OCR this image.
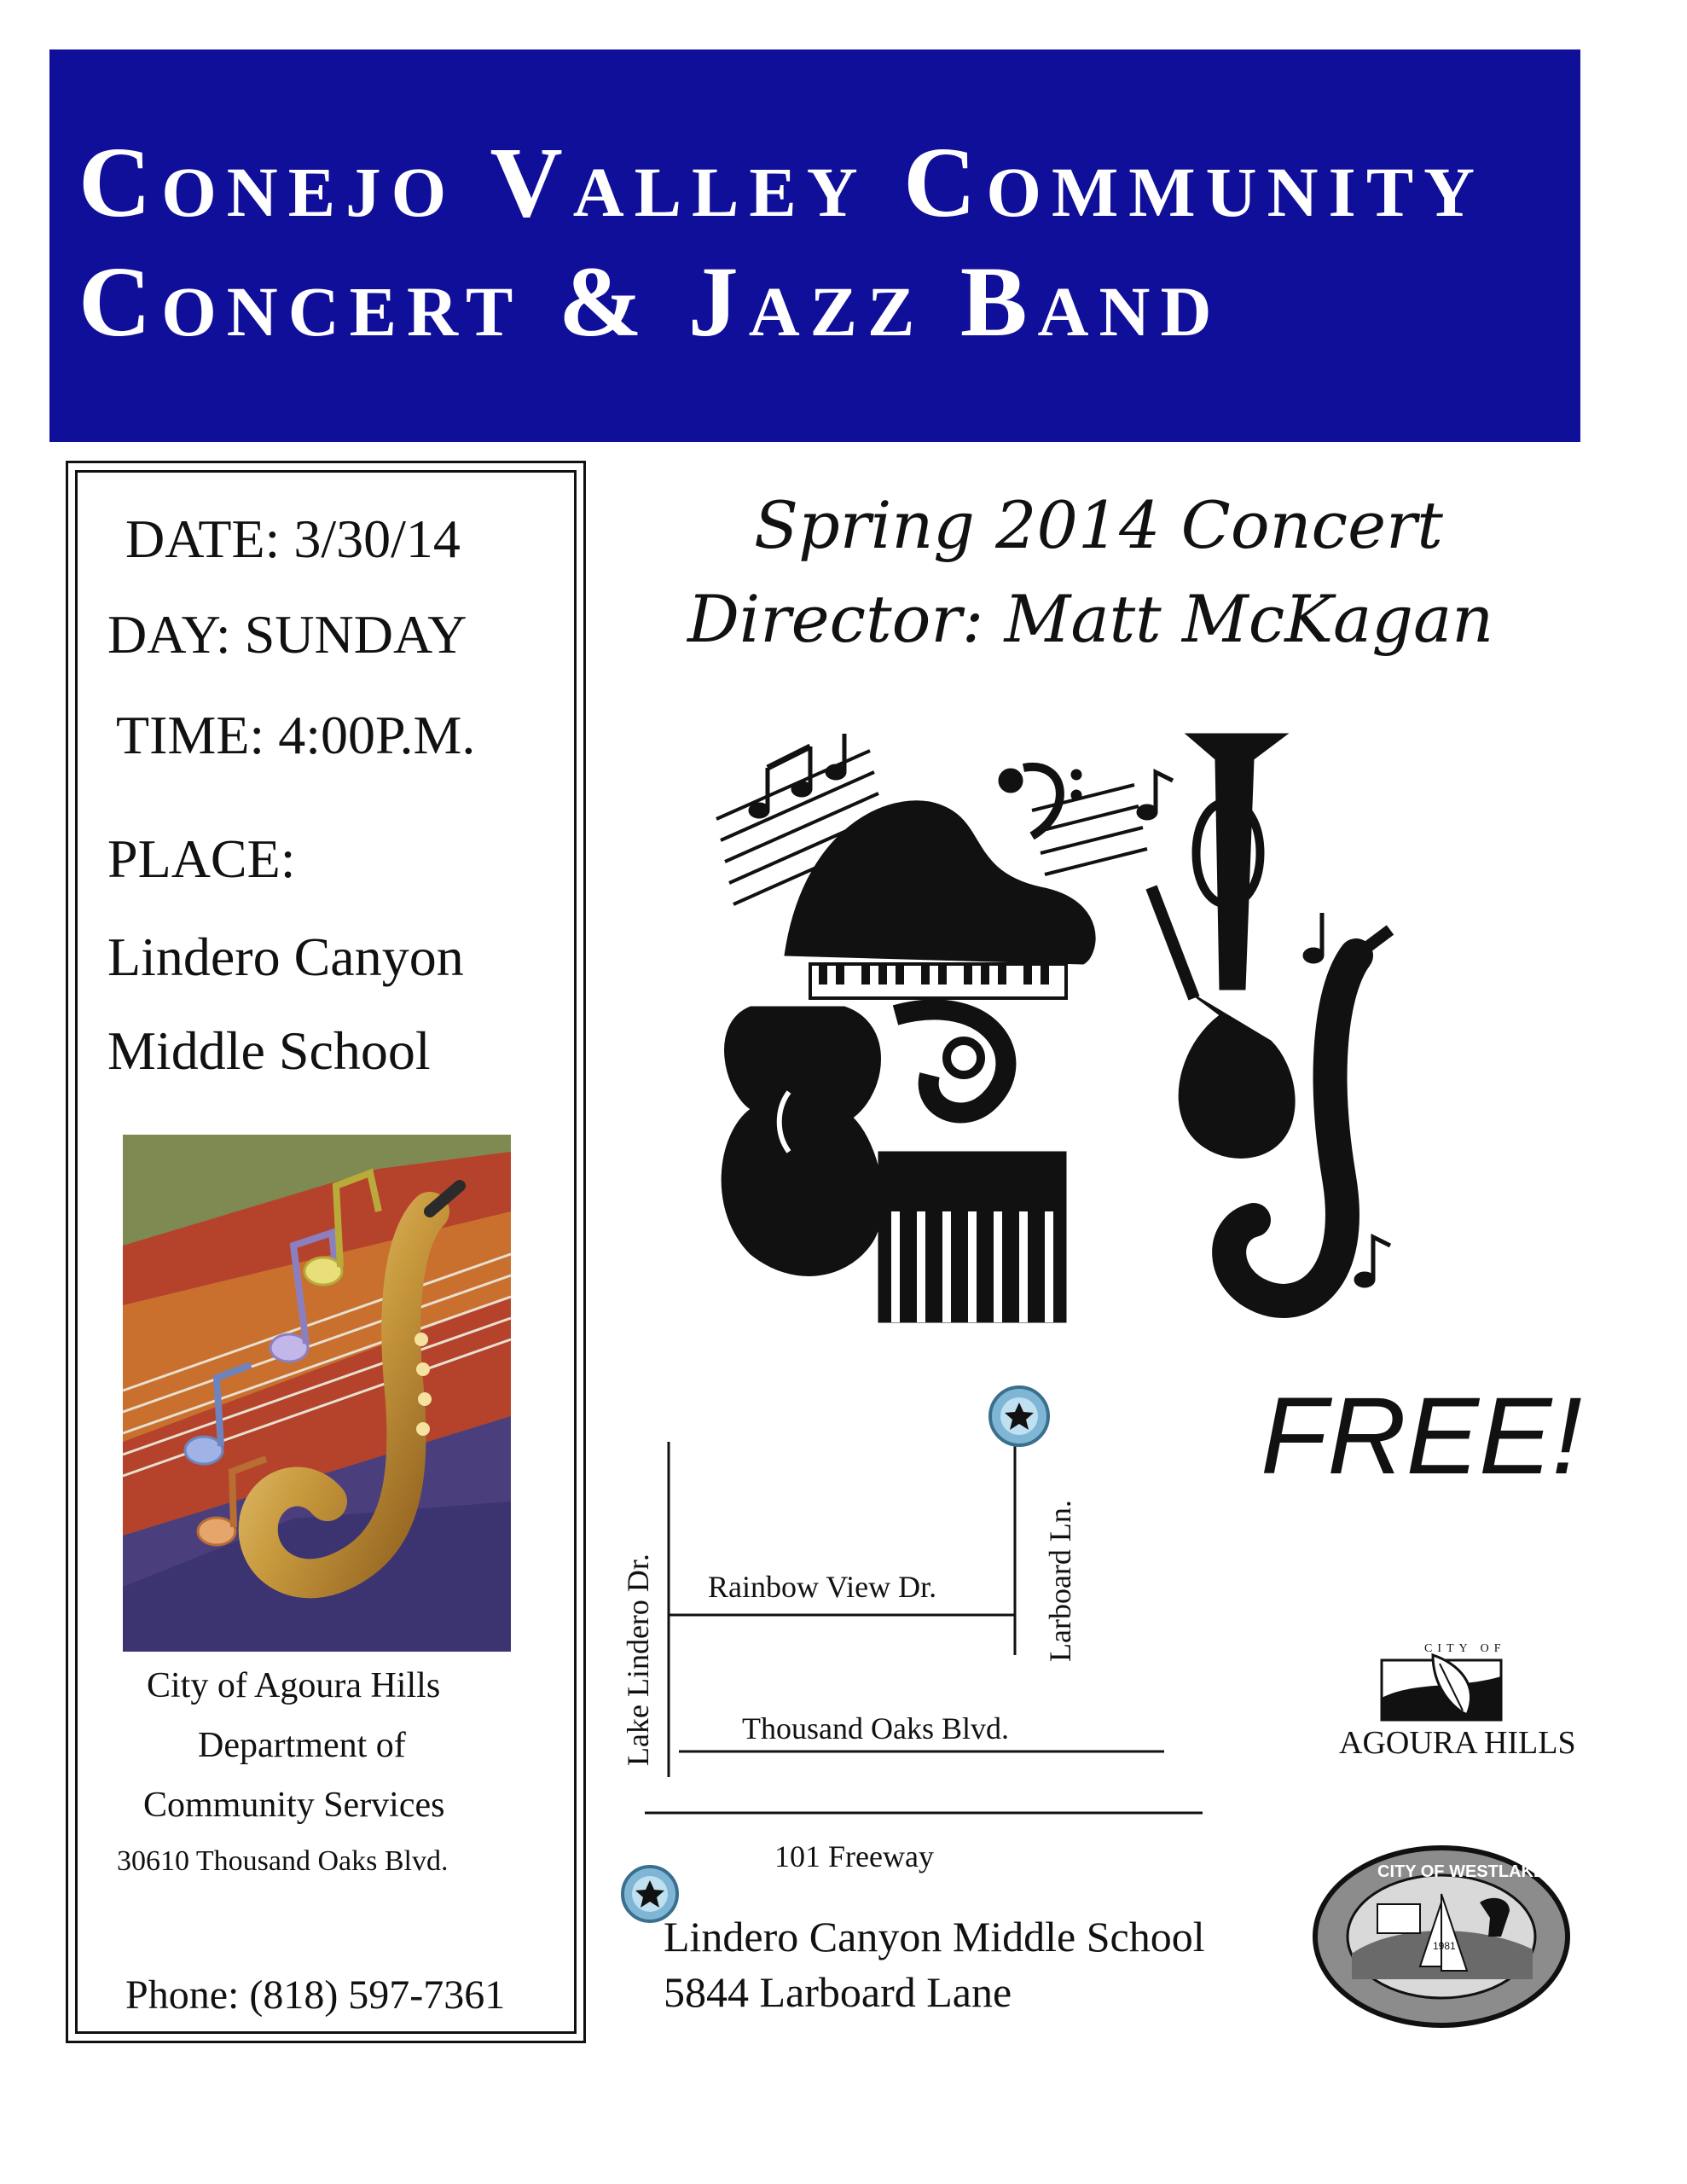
Conejo Valley Community
Concert & Jazz Band
DATE: 3/30/14
DAY: SUNDAY
TIME: 4:00P.M.
PLACE:
Lindero Canyon
Middle School
City of Agoura Hills
Department of
Community Services
30610 Thousand Oaks Blvd.
Phone: (818) 597-7361
Spring 2014 Concert
Director: Matt McKagan
FREE!
Lake Lindero Dr. Rainbow View Dr.	Larboard Ln.
Thousand Oaks Blvd.
101 Freeway
Lindero Canyon Middle School
5844 Larboard Lane
CITY OF
AGOURA HILLS
CITY OF WESTLAKE VILLAGE
1981
